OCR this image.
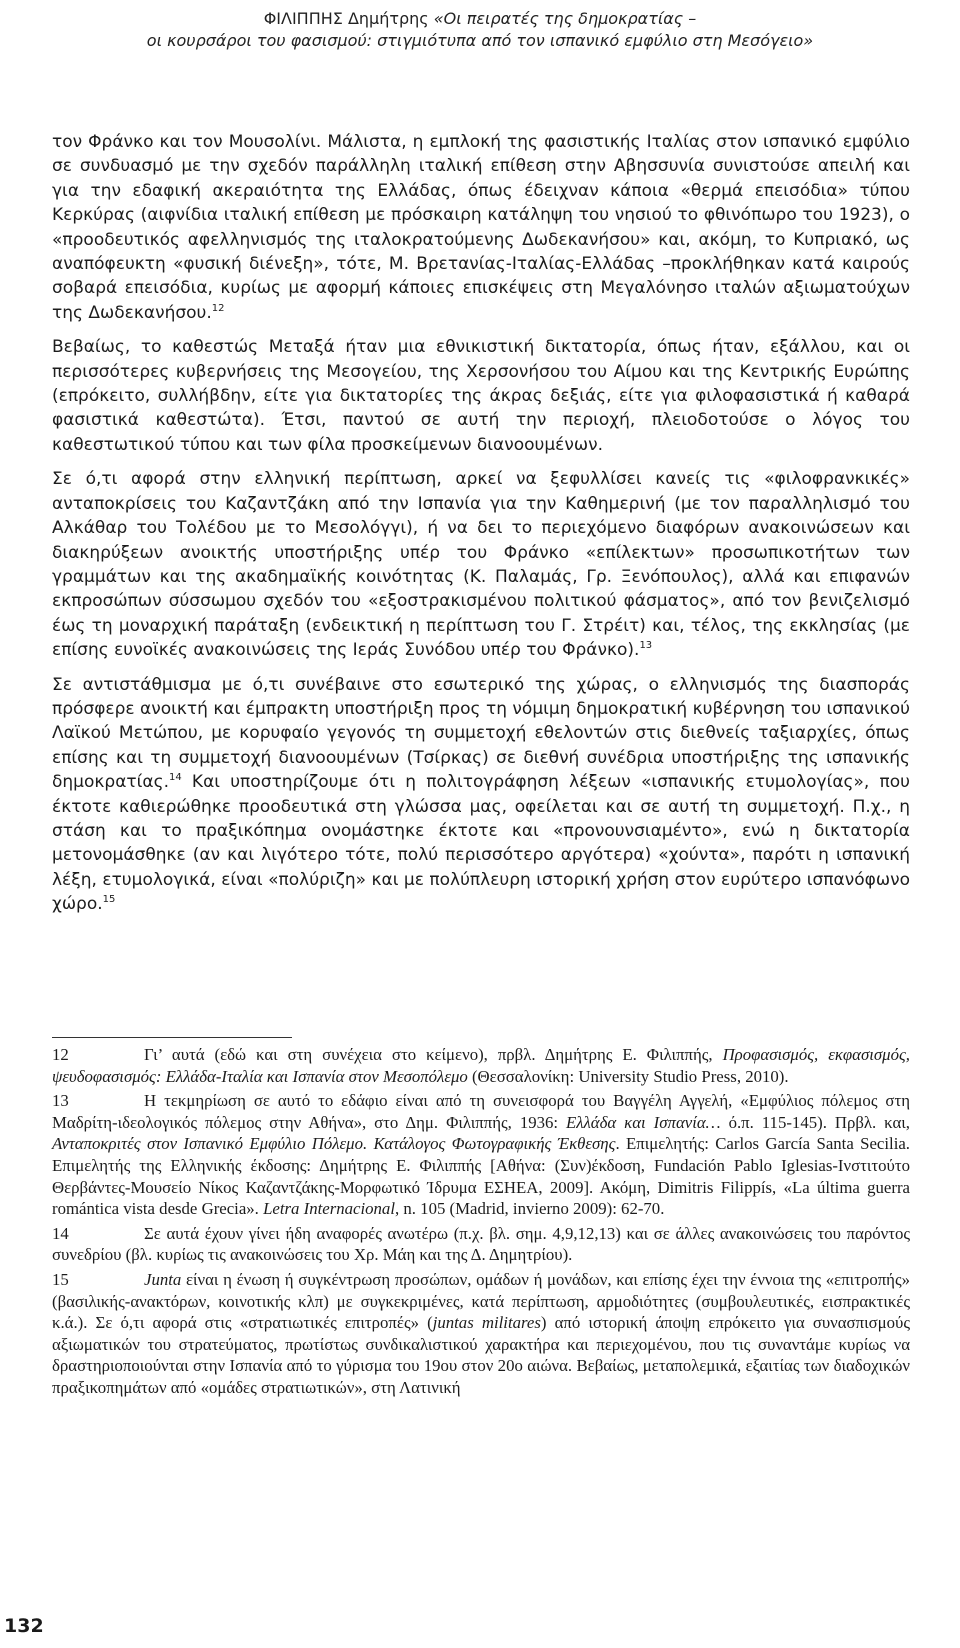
ΦΙΛΙΠΠΗΣ Δημήτρης «Οι πειρατές της δημοκρατίας –
οι κουρσάροι του φασισμού: στιγμιότυπα από τον ισπανικό εμφύλιο στη Μεσόγειο»

τον Φράνκο και τον Μουσολίνι. Μάλιστα, η εμπλοκή της φασιστικής Ιταλίας στον ισπανικό εμφύλιο σε συνδυασμό με την σχεδόν παράλληλη ιταλική επίθεση στην Αβησσυνία συνιστούσε απειλή και για την εδαφική ακεραιότητα της Ελλάδας, όπως έδειχναν κάποια «θερμά επεισόδια» τύπου Κερκύρας (αιφνίδια ιταλική επίθεση με πρόσκαιρη κατάληψη του νησιού το φθινόπωρο του 1923), ο «προοδευτικός αφελληνισμός της ιταλοκρατούμενης Δωδεκανήσου» και, ακόμη, το Κυπριακό, ως αναπόφευκτη «φυσική διένεξη», τότε, Μ. Βρετανίας-Ιταλίας-Ελλάδας –προκλήθηκαν κατά καιρούς σοβαρά επεισόδια, κυρίως με αφορμή κάποιες επισκέψεις στη Μεγαλόνησο ιταλών αξιωματούχων της Δωδεκανήσου.$^{12}$

Βεβαίως, το καθεστώς Μεταξά ήταν μια εθνικιστική δικτατορία, όπως ήταν, εξάλλου, και οι περισσότερες κυβερνήσεις της Μεσογείου, της Χερσονήσου του Αίμου και της Κεντρικής Ευρώπης (επρόκειτο, συλλήβδην, είτε για δικτατορίες της άκρας δεξιάς, είτε για φιλοφασιστικά ή καθαρά φασιστικά καθεστώτα). Έτσι, παντού σε αυτή την περιοχή, πλειοδοτούσε ο λόγος του καθεστωτικού τύπου και των φίλα προσκείμενων διανοουμένων.

Σε ό,τι αφορά στην ελληνική περίπτωση, αρκεί να ξεφυλλίσει κανείς τις «φιλοφρανκικές» ανταποκρίσεις του Καζαντζάκη από την Ισπανία για την Καθημερινή (με τον παραλληλισμό του Αλκάθαρ του Τολέδου με το Μεσολόγγι), ή να δει το περιεχόμενο διαφόρων ανακοινώσεων και διακηρύξεων ανοικτής υποστήριξης υπέρ του Φράνκο «επίλεκτων» προσωπικοτήτων των γραμμάτων και της ακαδημαϊκής κοινότητας (Κ. Παλαμάς, Γρ. Ξενόπουλος), αλλά και επιφανών εκπροσώπων σύσσωμου σχεδόν του «εξοστρακισμένου πολιτικού φάσματος», από τον βενιζελισμό έως τη μοναρχική παράταξη (ενδεικτική η περίπτωση του Γ. Στρέιτ) και, τέλος, της εκκλησίας (με επίσης ευνοϊκές ανακοινώσεις της Ιεράς Συνόδου υπέρ του Φράνκο).$^{13}$

Σε αντιστάθμισμα με ό,τι συνέβαινε στο εσωτερικό της χώρας, ο ελληνισμός της διασποράς πρόσφερε ανοικτή και έμπρακτη υποστήριξη προς τη νόμιμη δημοκρατική κυβέρνηση του ισπανικού Λαϊκού Μετώπου, με κορυφαίο γεγονός τη συμμετοχή εθελοντών στις διεθνείς ταξιαρχίες, όπως επίσης και τη συμμετοχή διανοουμένων (Τσίρκας) σε διεθνή συνέδρια υποστήριξης της ισπανικής δημοκρατίας.$^{14}$ Και υποστηρίζουμε ότι η πολιτογράφηση λέξεων «ισπανικής ετυμολογίας», που έκτοτε καθιερώθηκε προοδευτικά στη γλώσσα μας, οφείλεται και σε αυτή τη συμμετοχή. Π.χ., η στάση και το πραξικόπημα ονομάστηκε έκτοτε και «προνουνσιαμέντο», ενώ η δικτατορία μετονομάσθηκε (αν και λιγότερο τότε, πολύ περισσότερο αργότερα) «χούντα», παρότι η ισπανική λέξη, ετυμολογικά, είναι «πολύριζη» και με πολύπλευρη ιστορική χρήση στον ευρύτερο ισπανόφωνο χώρο.$^{15}$

12	Γι’ αυτά (εδώ και στη συνέχεια στο κείμενο), πρβλ. Δημήτρης Ε. Φιλιππής, Προφασισμός, εκφασισμός, ψευδοφασισμός: Ελλάδα-Ιταλία και Ισπανία στον Μεσοπόλεμο (Θεσσαλονίκη: University Studio Press, 2010).
13	Η τεκμηρίωση σε αυτό το εδάφιο είναι από τη συνεισφορά του Βαγγέλη Αγγελή, «Εμφύλιος πόλεμος στη Μαδρίτη-ιδεολογικός πόλεμος στην Αθήνα», στο Δημ. Φιλιππής, 1936: Ελλάδα και Ισπανία… ό.π. 115-145). Πρβλ. και, Ανταποκριτές στον Ισπανικό Εμφύλιο Πόλεμο. Κατάλογος Φωτογραφικής Έκθεσης. Επιμελητής: Carlos García Santa Secilia. Επιμελητής της Ελληνικής έκδοσης: Δημήτρης Ε. Φιλιππής [Αθήνα: (Συν)έκδοση, Fundación Pablo Iglesias-Ινστιτούτο Θερβάντες-Μουσείο Νίκος Καζαντζάκης-Μορφωτικό Ίδρυμα ΕΣΗΕΑ, 2009]. Ακόμη, Dimitris Filippís, «La última guerra romántica vista desde Grecia». Letra Internacional, n. 105 (Madrid, invierno 2009): 62-70.
14	Σε αυτά έχουν γίνει ήδη αναφορές ανωτέρω (π.χ. βλ. σημ. 4,9,12,13) και σε άλλες ανακοινώσεις του παρόντος συνεδρίου (βλ. κυρίως τις ανακοινώσεις του Χρ. Μάη και της Δ. Δημητρίου).
15	Junta είναι η ένωση ή συγκέντρωση προσώπων, ομάδων ή μονάδων, και επίσης έχει την έννοια της «επιτροπής» (βασιλικής-ανακτόρων, κοινοτικής κλπ) με συγκεκριμένες, κατά περίπτωση, αρμοδιότητες (συμβουλευτικές, εισπρακτικές κ.ά.). Σε ό,τι αφορά στις «στρατιωτικές επιτροπές» (juntas militares) από ιστορική άποψη επρόκειτο για συνασπισμούς αξιωματικών του στρατεύματος, πρωτίστως συνδικαλιστικού χαρακτήρα και περιεχομένου, που τις συναντάμε κυρίως να δραστηριοποιούνται στην Ισπανία από το γύρισμα του 19ου στον 20ο αιώνα. Βεβαίως, μεταπολεμικά, εξαιτίας των διαδοχικών πραξικοπημάτων από «ομάδες στρατιωτικών», στη Λατινική
132
